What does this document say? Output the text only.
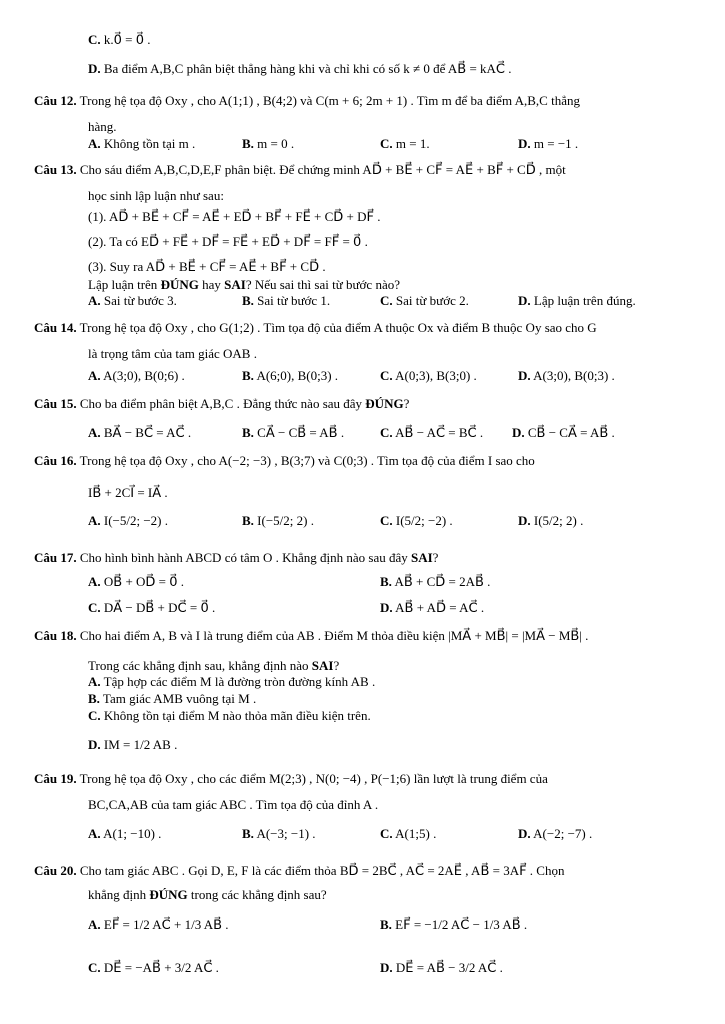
C. k.0⃗ = 0⃗ .
D. Ba điểm A,B,C phân biệt thẳng hàng khi và chỉ khi có số k ≠ 0 để AB⃗ = kAC⃗ .
Câu 12. Trong hệ tọa độ Oxy , cho A(1;1) , B(4;2) và C(m + 6; 2m + 1) . Tìm m để ba điểm A,B,C thẳng
hàng.
A. Không tồn tại m .	B. m = 0 .	C. m = 1.	D. m = −1 .
Câu 13. Cho sáu điểm A,B,C,D,E,F phân biệt. Để chứng minh AD⃗ + BE⃗ + CF⃗ = AE⃗ + BF⃗ + CD⃗ , một
học sinh lập luận như sau:
(1). AD⃗ + BE⃗ + CF⃗ = AE⃗ + ED⃗ + BF⃗ + FE⃗ + CD⃗ + DF⃗ .
(2). Ta có ED⃗ + FE⃗ + DF⃗ = FE⃗ + ED⃗ + DF⃗ = FF⃗ = 0⃗ .
(3). Suy ra AD⃗ + BE⃗ + CF⃗ = AE⃗ + BF⃗ + CD⃗ .
Lập luận trên ĐÚNG hay SAI? Nếu sai thì sai từ bước nào?
A. Sai từ bước 3.	B. Sai từ bước 1.	C. Sai từ bước 2.	D. Lập luận trên đúng.
Câu 14. Trong hệ tọa độ Oxy , cho G(1;2) . Tìm tọa độ của điểm A thuộc Ox và điểm B thuộc Oy sao cho G
là trọng tâm của tam giác OAB .
A. A(3;0), B(0;6) .	B. A(6;0), B(0;3) .	C. A(0;3), B(3;0) .	D. A(3;0), B(0;3) .
Câu 15. Cho ba điểm phân biệt A,B,C . Đẳng thức nào sau đây ĐÚNG?
A. BA⃗ − BC⃗ = AC⃗ .	B. CA⃗ − CB⃗ = AB⃗ .	C. AB⃗ − AC⃗ = BC⃗ . D. CB⃗ − CA⃗ = AB⃗ .
Câu 16. Trong hệ tọa độ Oxy , cho A(−2; −3) , B(3;7) và C(0;3) . Tìm tọa độ của điểm I sao cho
IB⃗ + 2CI⃗ = IA⃗ .
A. I(−5/2; −2) .	B. I(−5/2; 2) .	C. I(5/2; −2) .	D. I(5/2; 2) .
Câu 17. Cho hình bình hành ABCD có tâm O . Khẳng định nào sau đây SAI?
A. OB⃗ + OD⃗ = 0⃗ .	B. AB⃗ + CD⃗ = 2AB⃗ .
C. DA⃗ − DB⃗ + DC⃗ = 0⃗ .	D. AB⃗ + AD⃗ = AC⃗ .
Câu 18. Cho hai điểm A, B và I là trung điểm của AB . Điểm M thỏa điều kiện |MA⃗ + MB⃗| = |MA⃗ − MB⃗| .
Trong các khẳng định sau, khẳng định nào SAI?
A. Tập hợp các điểm M là đường tròn đường kính AB .
B. Tam giác AMB vuông tại M .
C. Không tồn tại điểm M nào thỏa mãn điều kiện trên.
D. IM = 1/2 AB .
Câu 19. Trong hệ tọa độ Oxy , cho các điểm M(2;3) , N(0; −4) , P(−1;6) lần lượt là trung điểm của
BC,CA,AB của tam giác ABC . Tìm tọa độ của đỉnh A .
A. A(1; −10) .	B. A(−3; −1) .	C. A(1;5) .	D. A(−2; −7) .
Câu 20. Cho tam giác ABC . Gọi D, E, F là các điểm thỏa BD⃗ = 2BC⃗ , AC⃗ = 2AE⃗ , AB⃗ = 3AF⃗ . Chọn
khẳng định ĐÚNG trong các khẳng định sau?
A. EF⃗ = 1/2 AC⃗ + 1/3 AB⃗ .	B. EF⃗ = −1/2 AC⃗ − 1/3 AB⃗ .
C. DE⃗ = −AB⃗ + 3/2 AC⃗ .	D. DE⃗ = AB⃗ − 3/2 AC⃗ .
